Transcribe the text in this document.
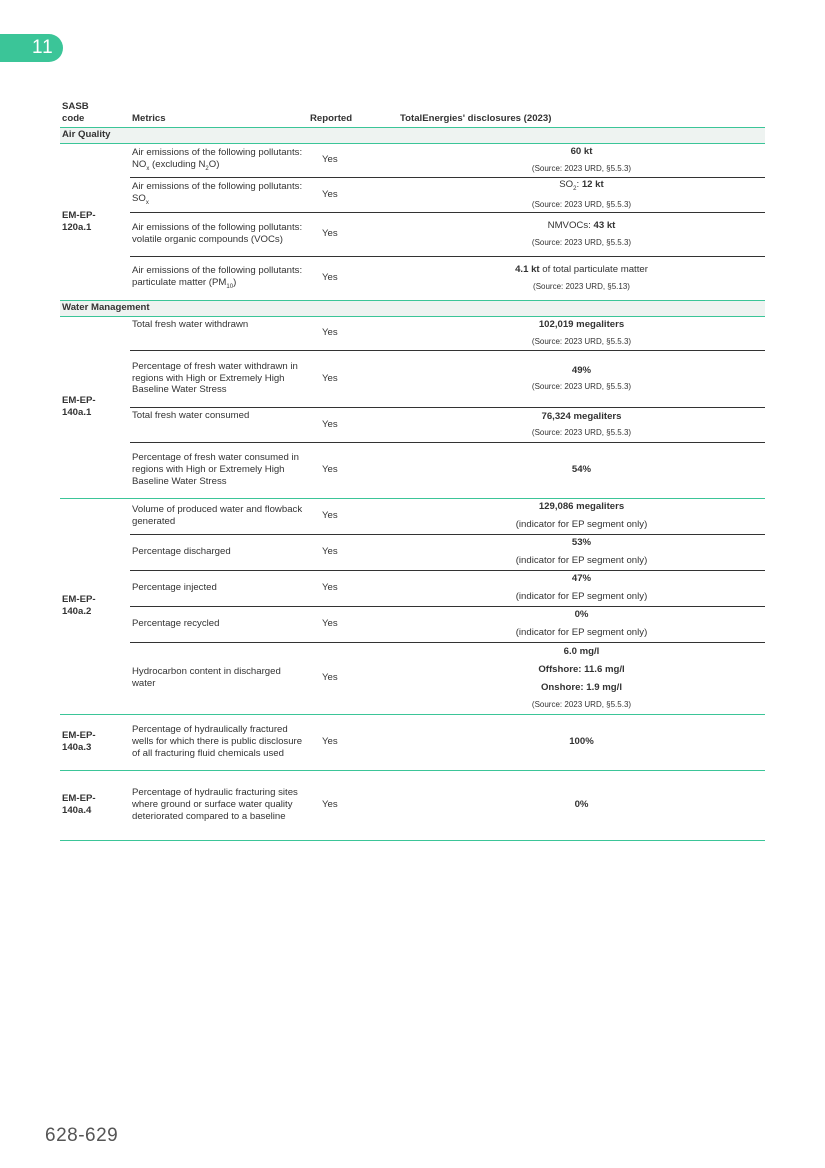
11
SASB
code	Metrics	Reported	TotalEnergies' disclosures (2023)
Air Quality			
EM-EP-
120a.1	Air emissions of the following pollutants: $NO_x$ (excluding $N_2O$)	Yes	60 kt
(Source: 2023 URD, §5.5.3)

	Air emissions of the following pollutants: $SO_x$	Yes	$SO_2$: 12 kt
(Source: 2023 URD, §5.5.3)

	Air emissions of the following pollutants: volatile organic compounds (VOCs)	Yes	NMVOCs: 43 kt
(Source: 2023 URD, §5.5.3)

	Air emissions of the following pollutants: particulate matter $(PM_{10})$	Yes	4.1 kt of total particulate matter
(Source: 2023 URD, §5.13)

Water Management			
EM-EP-
140a.1	Total fresh water withdrawn	Yes	102,019 megaliters
(Source: 2023 URD, §5.5.3)

	Percentage of fresh water withdrawn in regions with High or Extremely High Baseline Water Stress	Yes	49%
(Source: 2023 URD, §5.5.3)

	Total fresh water consumed	Yes	76,324 megaliters
(Source: 2023 URD, §5.5.3)

	Percentage of fresh water consumed in regions with High or Extremely High Baseline Water Stress	Yes	54%
EM-EP-
140a.2	Volume of produced water and flowback generated	Yes	129,086 megaliters
(indicator for EP segment only)

	Percentage discharged	Yes	53%
(indicator for EP segment only)

	Percentage injected	Yes	47%
(indicator for EP segment only)

	Percentage recycled	Yes	0%
(indicator for EP segment only)

	Hydrocarbon content in discharged water	Yes	6.0 mg/l
Offshore: 11.6 mg/l
Onshore: 1.9 mg/l
(Source: 2023 URD, §5.5.3)

EM-EP-
140a.3	Percentage of hydraulically fractured wells for which there is public disclosure of all fracturing fluid chemicals used	Yes	100%
EM-EP-
140a.4	Percentage of hydraulic fracturing sites where ground or surface water quality deteriorated compared to a baseline	Yes	0%
628-629
